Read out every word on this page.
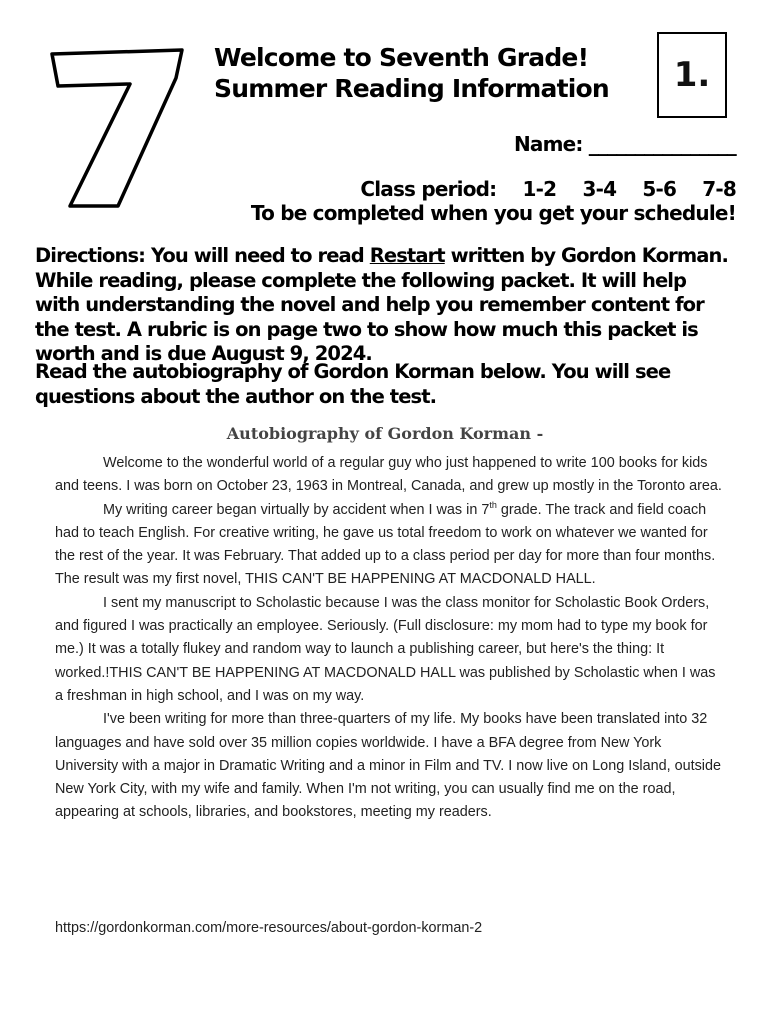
7
Welcome to Seventh Grade!
Summer Reading Information 1.
Name: ________________
Class period: 1-2 3-4 5-6 7-8
To be completed when you get your schedule!
Directions: You will need to read Restart written by Gordon Korman. While reading, please complete the following packet. It will help with understanding the novel and help you remember content for the test. A rubric is on page two to show how much this packet is worth and is due August 9, 2024.
Read the autobiography of Gordon Korman below. You will see questions about the author on the test.
Autobiography of Gordon Korman -

Welcome to the wonderful world of a regular guy who just happened to write 100 books for kids and teens. I was born on October 23, 1963 in Montreal, Canada, and grew up mostly in the Toronto area.

My writing career began virtually by accident when I was in 7th grade. The track and field coach had to teach English. For creative writing, he gave us total freedom to work on whatever we wanted for the rest of the year. It was February. That added up to a class period per day for more than four months. The result was my first novel, THIS CAN'T BE HAPPENING AT MACDONALD HALL.

I sent my manuscript to Scholastic because I was the class monitor for Scholastic Book Orders, and figured I was practically an employee. Seriously. (Full disclosure: my mom had to type my book for me.) It was a totally flukey and random way to launch a publishing career, but here's the thing: It worked.!THIS CAN'T BE HAPPENING AT MACDONALD HALL was published by Scholastic when I was a freshman in high school, and I was on my way.

I've been writing for more than three-quarters of my life. My books have been translated into 32 languages and have sold over 35 million copies worldwide. I have a BFA degree from New York University with a major in Dramatic Writing and a minor in Film and TV. I now live on Long Island, outside New York City, with my wife and family. When I'm not writing, you can usually find me on the road, appearing at schools, libraries, and bookstores, meeting my readers.

https://gordonkorman.com/more-resources/about-gordon-korman-2
